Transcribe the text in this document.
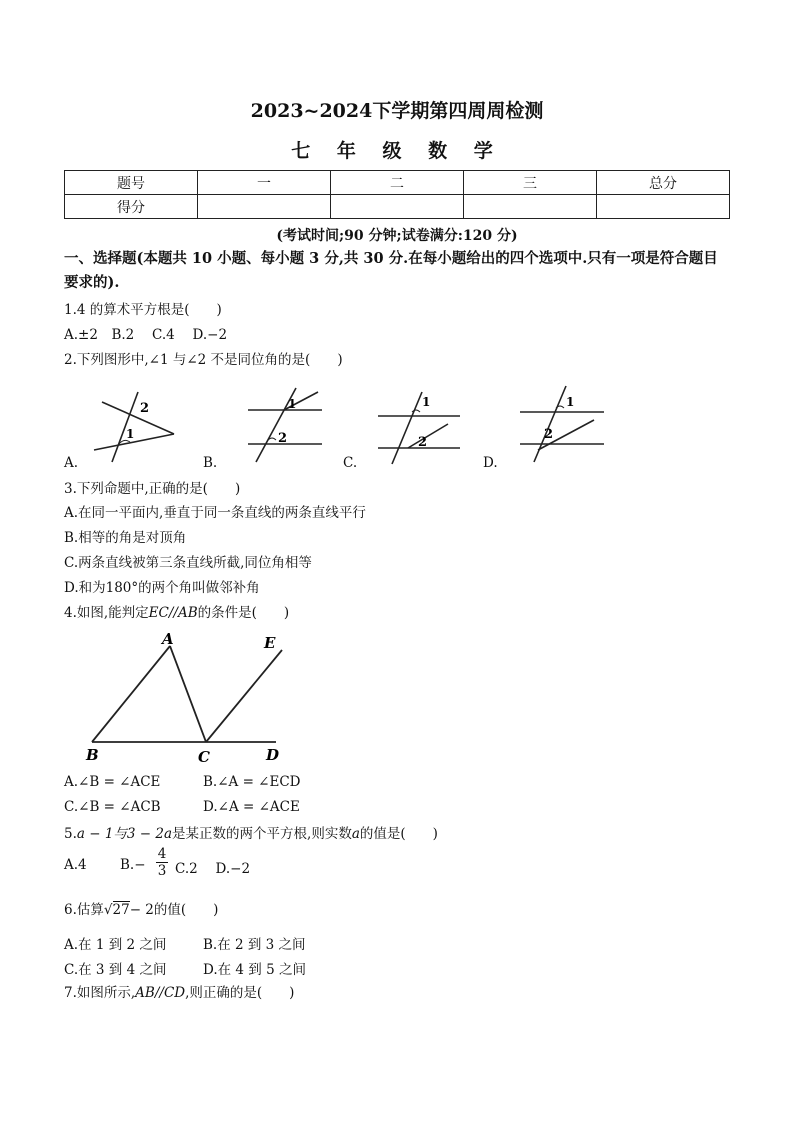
2023~2024下学期第四周周检测
七 年 级 数 学
题号	一	二	三	总分
得分				
(考试时间;90 分钟;试卷满分:120 分)
一、选择题(本题共 10 小题、每小题 3 分,共 30 分.在每小题给出的四个选项中.只有一项是符合题目要求的).
1.4 的算术平方根是(　　)
A.±2　B.2　 C.4　 D.−2
2.下列图形中,∠1 与∠2 不是同位角的是(　　)
A.	B.	C.	D.
2
1
1
2
1
2
1
2
3.下列命题中,正确的是(　　)
A.在同一平面内,垂直于同一条直线的两条直线平行
B.相等的角是对顶角
C.两条直线被第三条直线所截,同位角相等
D.和为180°的两个角叫做邻补角
4.如图,能判定EC//AB的条件是(　　)
A	E
B	C	D
A.∠B = ∠ACE	B.∠A = ∠ECD
C.∠B = ∠ACB	D.∠A = ∠ACE
5.a − 1与3 − 2a是某正数的两个平方根,则实数a的值是(　　)
A.4 $B.- \frac{4}{3} C.2$　 D.−2
6.估算√27− 2的值(　　)
A.在 1 到 2 之间	B.在 2 到 3 之间
C.在 3 到 4 之间	D.在 4 到 5 之间
7.如图所示,AB//CD,则正确的是(　　)
